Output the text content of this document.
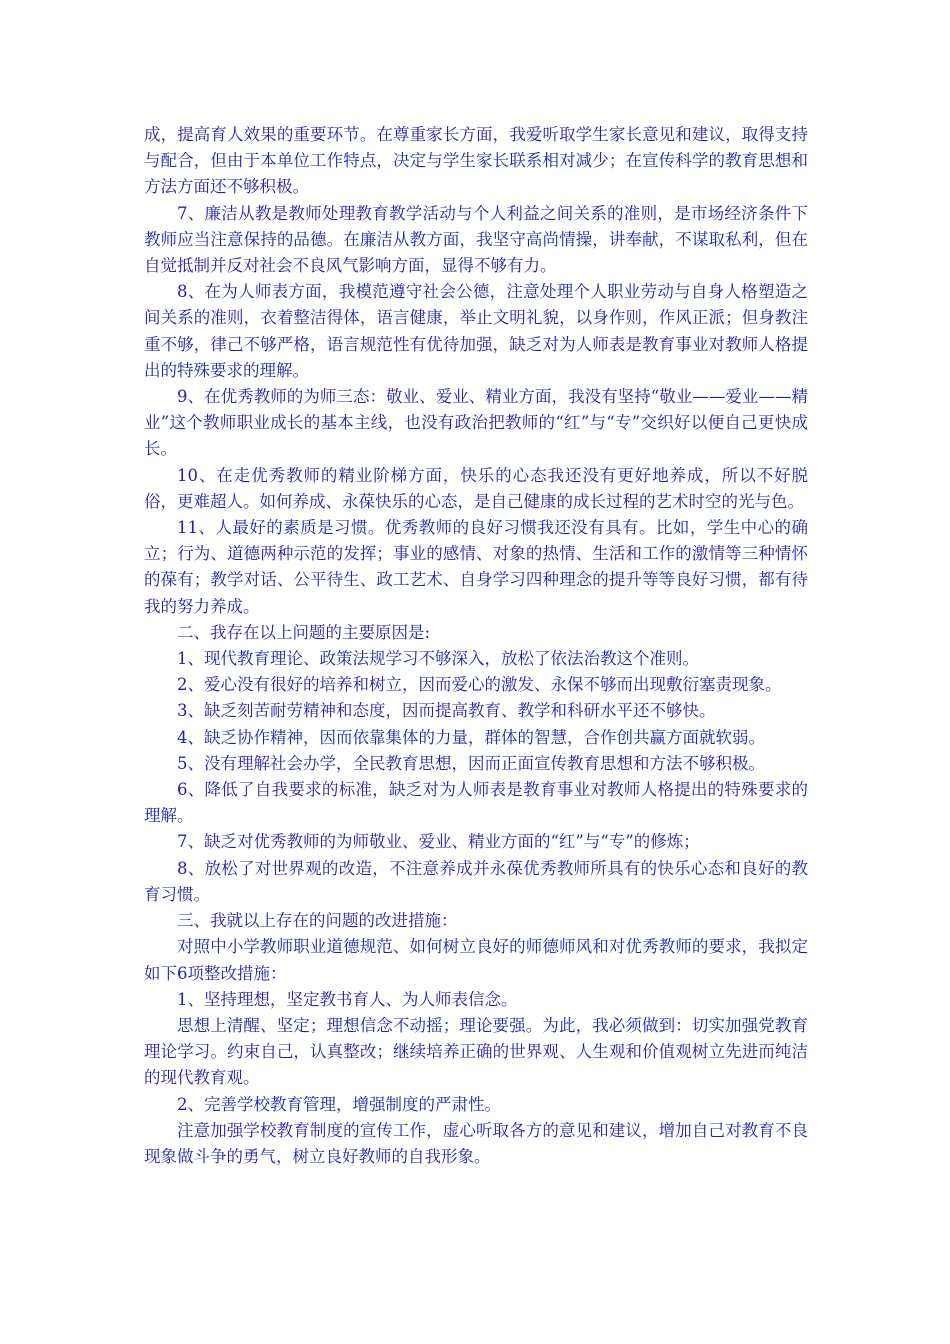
成，提高育人效果的重要环节。在尊重家长方面，我爱听取学生家长意见和建议，取得支持与配合，但由于本单位工作特点，决定与学生家长联系相对减少；在宣传科学的教育思想和方法方面还不够积极。

7、廉洁从教是教师处理教育教学活动与个人利益之间关系的准则，是市场经济条件下教师应当注意保持的品德。在廉洁从教方面，我坚守高尚情操，讲奉献，不谋取私利，但在自觉抵制并反对社会不良风气影响方面，显得不够有力。

8、在为人师表方面，我模范遵守社会公德，注意处理个人职业劳动与自身人格塑造之间关系的准则，衣着整洁得体，语言健康，举止文明礼貌，以身作则，作风正派；但身教注重不够，律己不够严格，语言规范性有优待加强，缺乏对为人师表是教育事业对教师人格提出的特殊要求的理解。

9、在优秀教师的为师三态：敬业、爱业、精业方面，我没有坚持“敬业——爱业——精业”这个教师职业成长的基本主线，也没有政治把教师的“红”与“专”交织好以便自己更快成长。

10、在走优秀教师的精业阶梯方面，快乐的心态我还没有更好地养成，所以不好脱俗，更难超人。如何养成、永葆快乐的心态，是自己健康的成长过程的艺术时空的光与色。

11、人最好的素质是习惯。优秀教师的良好习惯我还没有具有。比如，学生中心的确立；行为、道德两种示范的发挥；事业的感情、对象的热情、生活和工作的激情等三种情怀的葆有；教学对话、公平待生、政工艺术、自身学习四种理念的提升等等良好习惯，都有待我的努力养成。

二、我存在以上问题的主要原因是:

1、现代教育理论、政策法规学习不够深入，放松了依法治教这个准则。

2、爱心没有很好的培养和树立，因而爱心的激发、永保不够而出现敷衍塞责现象。

3、缺乏刻苦耐劳精神和态度，因而提高教育、教学和科研水平还不够快。

4、缺乏协作精神，因而依靠集体的力量，群体的智慧，合作创共赢方面就软弱。

5、没有理解社会办学，全民教育思想，因而正面宣传教育思想和方法不够积极。

6、降低了自我要求的标准，缺乏对为人师表是教育事业对教师人格提出的特殊要求的理解。

7、缺乏对优秀教师的为师敬业、爱业、精业方面的“红”与“专”的修炼；

8、放松了对世界观的改造，不注意养成并永葆优秀教师所具有的快乐心态和良好的教育习惯。

三、我就以上存在的问题的改进措施：

对照中小学教师职业道德规范、如何树立良好的师德师风和对优秀教师的要求，我拟定如下6项整改措施：

1、坚持理想，坚定教书育人、为人师表信念。

思想上清醒、坚定；理想信念不动摇；理论要强。为此，我必须做到：切实加强党教育理论学习。约束自己，认真整改；继续培养正确的世界观、人生观和价值观树立先进而纯洁的现代教育观。

2、完善学校教育管理，增强制度的严肃性。

注意加强学校教育制度的宣传工作，虚心听取各方的意见和建议，增加自己对教育不良现象做斗争的勇气，树立良好教师的自我形象。
